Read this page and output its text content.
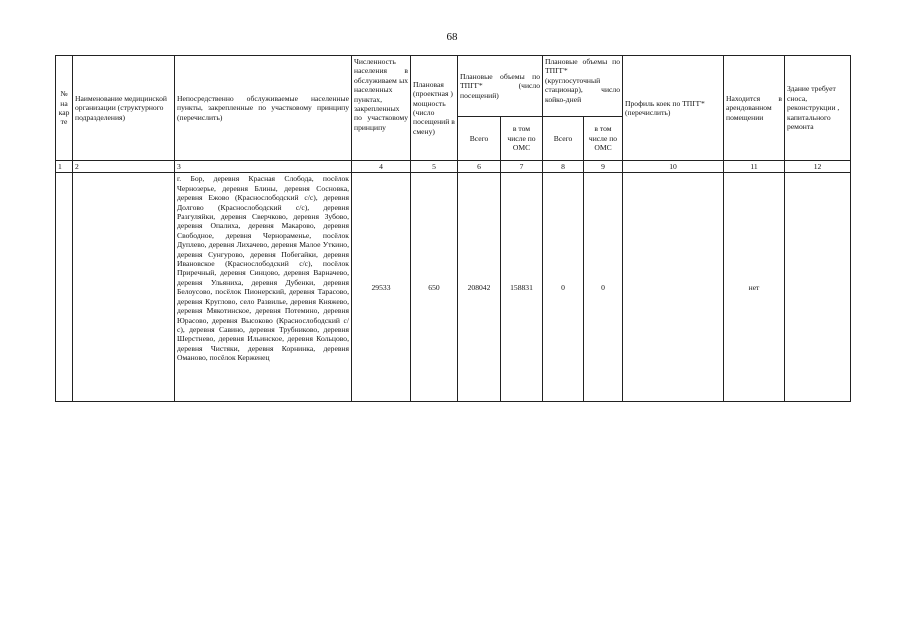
68
№ на кар те	Наименование медицинской организации (структурного подразделения)	Непосредственно обслуживаемые населенные пункты, закрепленные по участковому принципу (перечислить)	Численность населения в обслуживаем ых населенных пунктах, закрепленных по участковому принципу	Плановая (проектная ) мощность (число посещений в смену)	Плановые объемы по ТПГГ* (число посещений)		Плановые объемы по ТПГГ* (круглосуточный стационар), число койко-дней		Профиль коек по ТПГГ* (перечислить)	Находится в арендованном помещении	Здание требует сноса, реконструкции , капитального ремонта
					Всего	в том числе по ОМС	Всего	в том числе по ОМС			
1	2	3	4	5	6	7	8	9	10	11	12
		г. Бор, деревня Красная Слобода, посёлок Чернозерье, деревня Блины, деревня Сосновка, деревня Ежово (Краснослободский с/с), деревня Долгово (Краснослободский с/с), деревня Разгуляйки, деревня Сверчково, деревня Зубово, деревня Опалиха, деревня Макарово, деревня Свободное, деревня Чернораменье, посёлок Дуплево, деревня Лихачево, деревня Малое Уткино, деревня Сунгурово, деревня Побегайки, деревня Ивановское (Краснослободский с/с), посёлок Приречный, деревня Синцово, деревня Варначево, деревня Ульяниха, деревня Дубенки, деревня Белоусово, посёлок Пионерский, деревня Тарасово, деревня Кругловo, село Развилье, деревня Княжево, деревня Мякотинское, деревня Потемино, деревня Юрасово, деревня Высоково (Краснослободский с/с), деревня Савино, деревня Трубниково, деревня Шерстнево, деревня Ильинское, деревня Кольцово, деревня Чистяки, деревня Корнинка, деревня Оманово, посёлок Керженец	29533	650	208042	158831	0	0		нет	
